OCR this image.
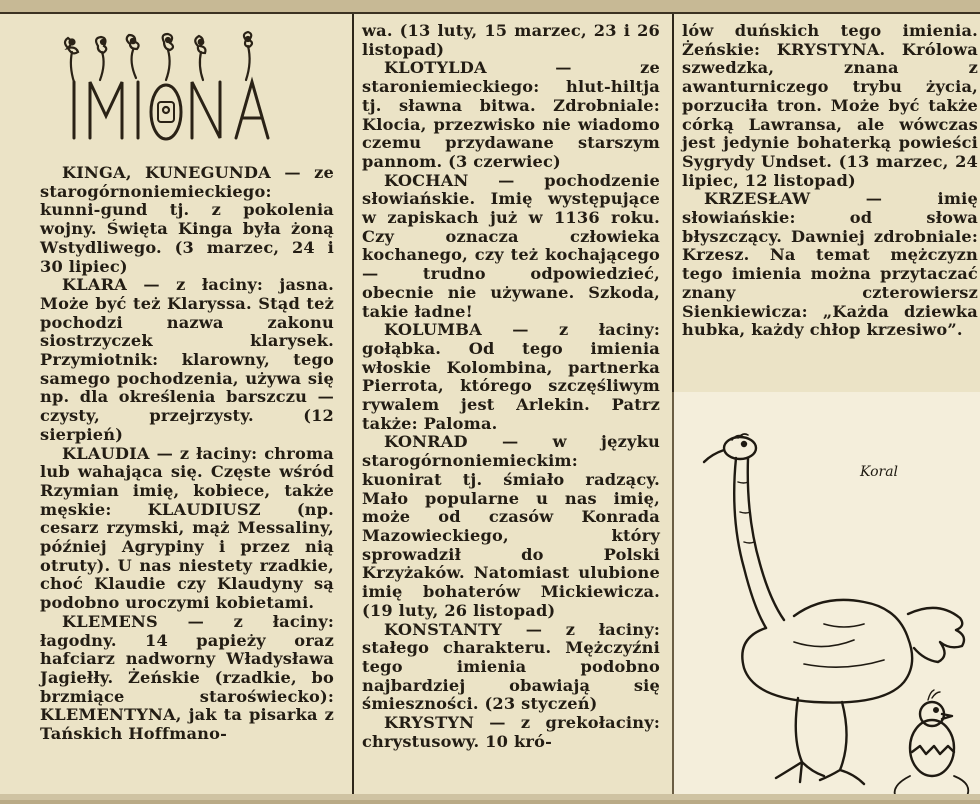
KINGA, KUNEGUNDA — ze starogórnoniemieckiego: kunni-gund tj. z pokolenia wojny. Święta Kinga była żoną Wstydliwego. (3 marzec, 24 i 30 lipiec)

KLARA — z łaciny: jasna. Może być też Klaryssa. Stąd też pochodzi nazwa zakonu siostrzyczek klarysek. Przymiotnik: klarowny, tego samego pochodzenia, używa się np. dla określenia barszczu — czysty, przejrzysty. (12 sierpień)

KLAUDIA — z łaciny: chroma lub wahająca się. Częste wśród Rzymian imię, kobiece, także męskie: KLAUDIUSZ (np. cesarz rzymski, mąż Messaliny, później Agrypiny i przez nią otruty). U nas niestety rzadkie, choć Klaudie czy Klaudyny są podobno uroczymi kobietami.

KLEMENS — z łaciny: łagodny. 14 papieży oraz hafciarz nadworny Władysława Jagiełły. Żeńskie (rzadkie, bo brzmiące staroświecko): KLEMENTYNA, jak ta pisarka z Tańskich Hoffmano-

wa. (13 luty, 15 marzec, 23 i 26 listopad)

KLOTYLDA — ze staroniemieckiego: hlut-hiltja tj. sławna bitwa. Zdrobniale: Klocia, przezwisko nie wiadomo czemu przydawane starszym pannom. (3 czerwiec)

KOCHAN — pochodzenie słowiańskie. Imię występujące w zapiskach już w 1136 roku. Czy oznacza człowieka kochanego, czy też kochającego — trudno odpowiedzieć, obecnie nie używane. Szkoda, takie ładne!

KOLUMBA — z łaciny: gołąbka. Od tego imienia włoskie Kolombina, partnerka Pierrota, którego szczęśliwym rywalem jest Arlekin. Patrz także: Paloma.

KONRAD — w języku starogórnoniemieckim: kuonirat tj. śmiało radzący. Mało popularne u nas imię, może od czasów Konrada Mazowieckiego, który sprowadził do Polski Krzyżaków. Natomiast ulubione imię bohaterów Mickiewicza. (19 luty, 26 listopad)

KONSTANTY — z łaciny: stałego charakteru. Mężczyźni tego imienia podobno najbardziej obawiają się śmieszności. (23 styczeń)

KRYSTYN — z grekołaciny: chrystusowy. 10 kró-

lów duńskich tego imienia. Żeńskie: KRYSTYNA. Królowa szwedzka, znana z awanturniczego trybu życia, porzuciła tron. Może być także córką Lawransa, ale wówczas jest jedynie bohaterką powieści Sygrydy Undset. (13 marzec, 24 lipiec, 12 listopad)

KRZESŁAW — imię słowiańskie: od słowa błyszczący. Dawniej zdrobniale: Krzesz. Na temat mężczyzn tego imienia można przytaczać znany czterowiersz Sienkiewicza: „Każda dziewka hubka, każdy chłop krzesiwo”.

Koral
